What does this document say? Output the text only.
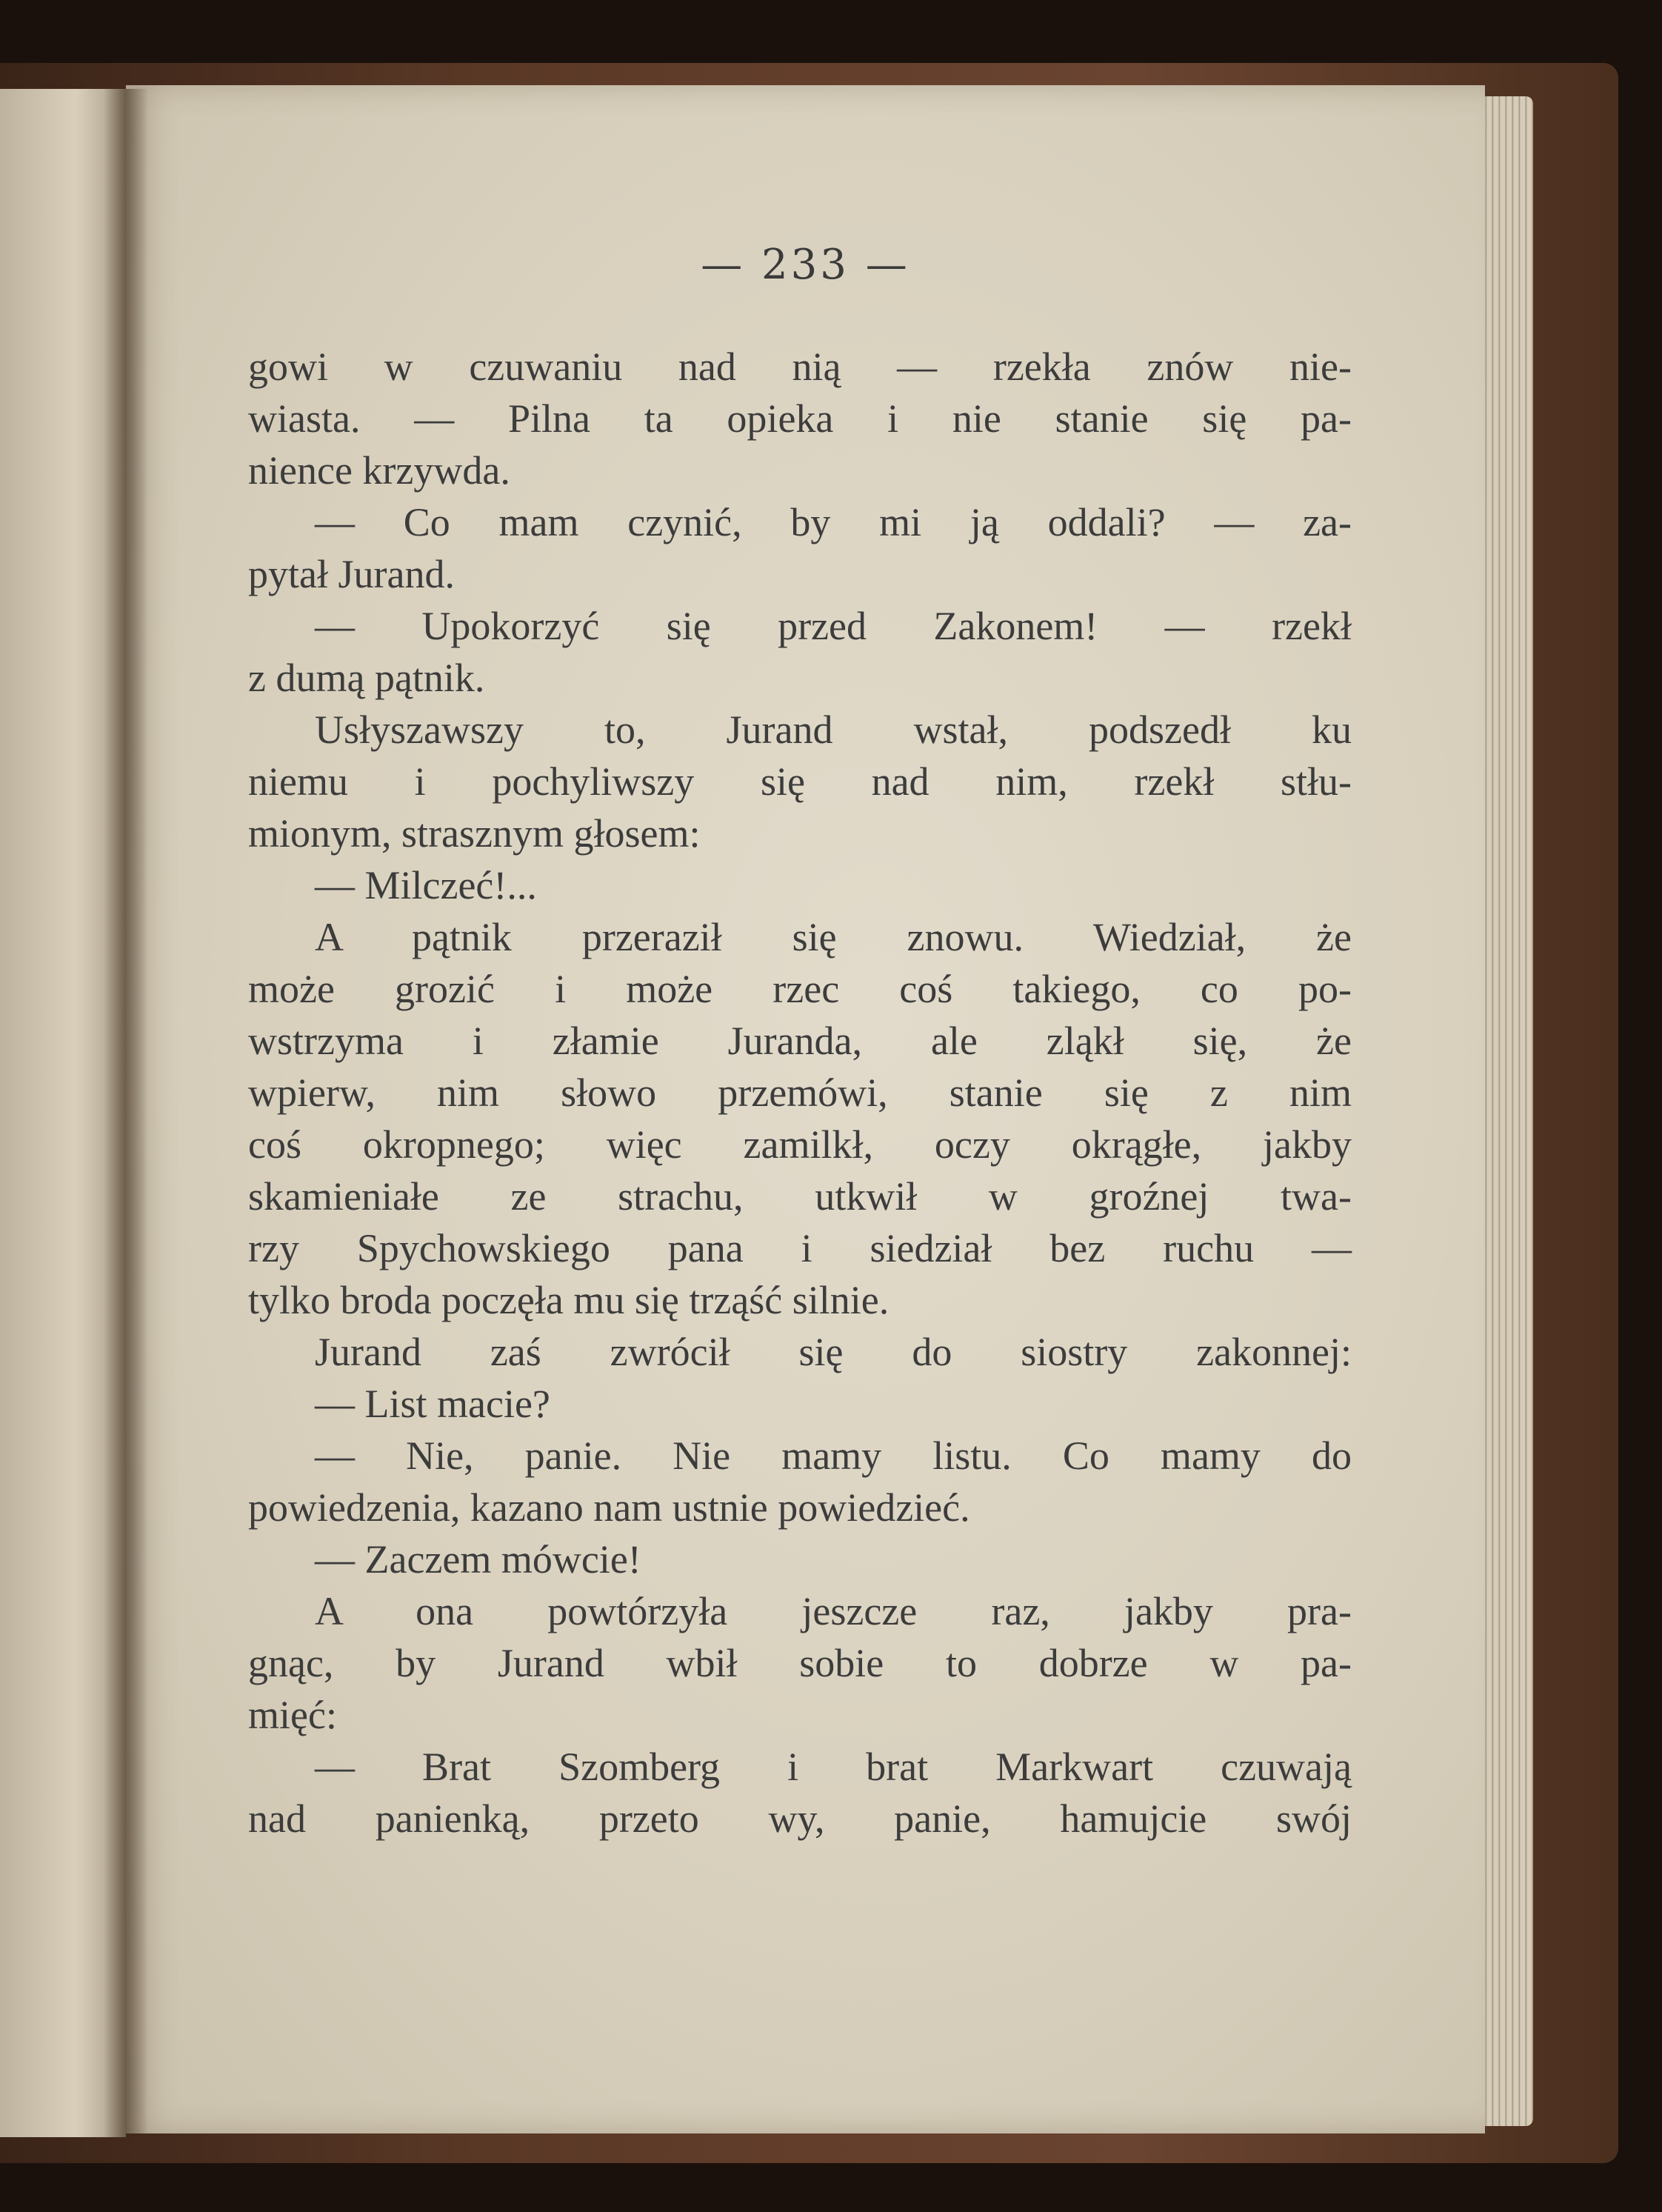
— 233 —
gowi w czuwaniu nad nią — rzekła znów nie-
wiasta. — Pilna ta opieka i nie stanie się pa-
nience krzywda.
— Co mam czynić, by mi ją oddali? — za-
pytał Jurand.
— Upokorzyć się przed Zakonem! — rzekł
z dumą pątnik.
Usłyszawszy to, Jurand wstał, podszedł ku
niemu i pochyliwszy się nad nim, rzekł stłu-
mionym, strasznym głosem:
— Milczeć!...
A pątnik przeraził się znowu. Wiedział, że
może grozić i może rzec coś takiego, co po-
wstrzyma i złamie Juranda, ale zląkł się, że
wpierw, nim słowo przemówi, stanie się z nim
coś okropnego; więc zamilkł, oczy okrągłe, jakby
skamieniałe ze strachu, utkwił w groźnej twa-
rzy Spychowskiego pana i siedział bez ruchu —
tylko broda poczęła mu się trząść silnie.
Jurand zaś zwrócił się do siostry zakonnej:
— List macie?
— Nie, panie. Nie mamy listu. Co mamy do
powiedzenia, kazano nam ustnie powiedzieć.
— Zaczem mówcie!
A ona powtórzyła jeszcze raz, jakby pra-
gnąc, by Jurand wbił sobie to dobrze w pa-
mięć:
— Brat Szomberg i brat Markwart czuwają
nad panienką, przeto wy, panie, hamujcie swój
